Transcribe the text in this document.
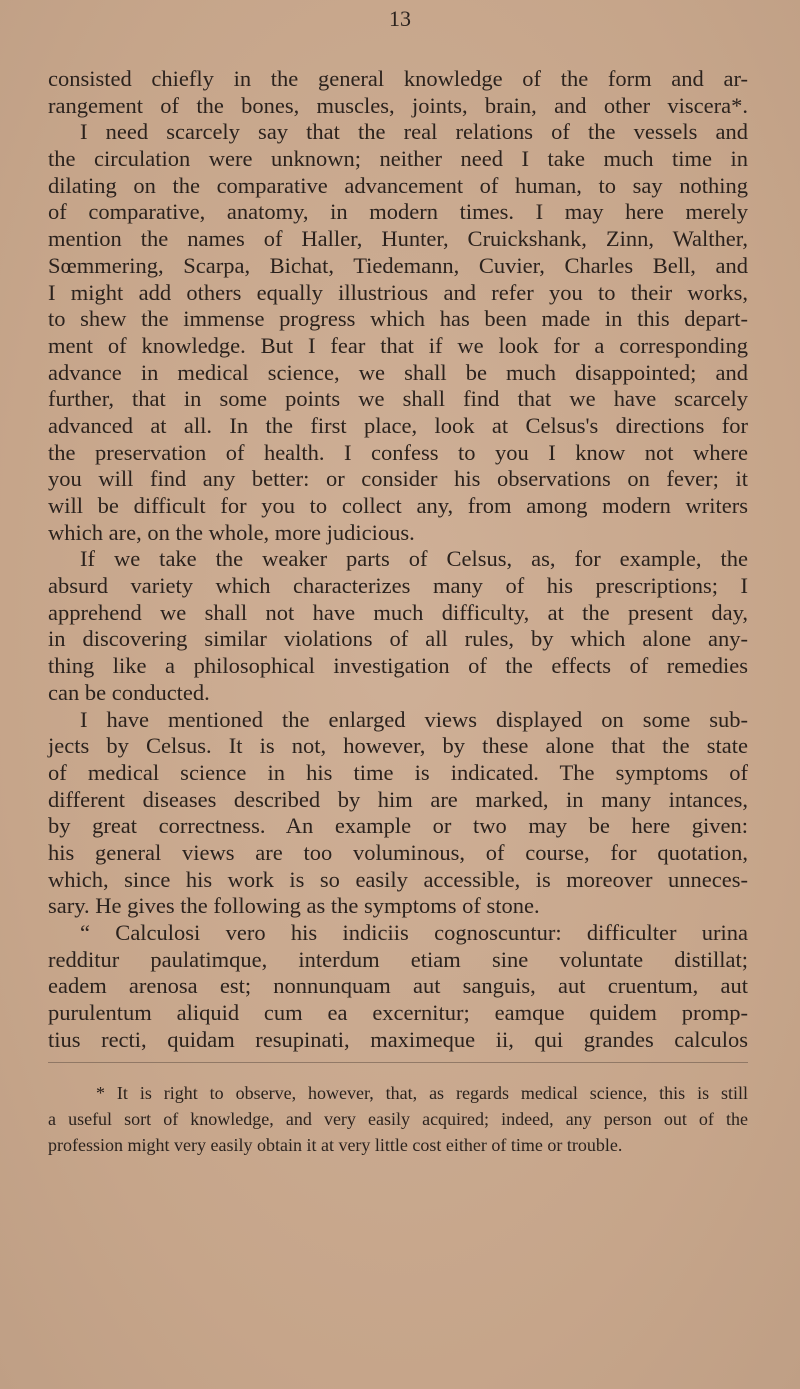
13
consisted chiefly in the general knowledge of the form and ar-
rangement of the bones, muscles, joints, brain, and other viscera*.
I need scarcely say that the real relations of the vessels and
the circulation were unknown; neither need I take much time in
dilating on the comparative advancement of human, to say nothing
of comparative, anatomy, in modern times. I may here merely
mention the names of Haller, Hunter, Cruickshank, Zinn, Walther,
Sœmmering, Scarpa, Bichat, Tiedemann, Cuvier, Charles Bell, and
I might add others equally illustrious and refer you to their works,
to shew the immense progress which has been made in this depart-
ment of knowledge. But I fear that if we look for a corresponding
advance in medical science, we shall be much disappointed; and
further, that in some points we shall find that we have scarcely
advanced at all. In the first place, look at Celsus's directions for
the preservation of health. I confess to you I know not where
you will find any better: or consider his observations on fever; it
will be difficult for you to collect any, from among modern writers
which are, on the whole, more judicious.
If we take the weaker parts of Celsus, as, for example, the
absurd variety which characterizes many of his prescriptions; I
apprehend we shall not have much difficulty, at the present day,
in discovering similar violations of all rules, by which alone any-
thing like a philosophical investigation of the effects of remedies
can be conducted.
I have mentioned the enlarged views displayed on some sub-
jects by Celsus. It is not, however, by these alone that the state
of medical science in his time is indicated. The symptoms of
different diseases described by him are marked, in many intances,
by great correctness. An example or two may be here given:
his general views are too voluminous, of course, for quotation,
which, since his work is so easily accessible, is moreover unneces-
sary. He gives the following as the symptoms of stone.
“ Calculosi vero his indiciis cognoscuntur: difficulter urina
redditur paulatimque, interdum etiam sine voluntate distillat;
eadem arenosa est; nonnunquam aut sanguis, aut cruentum, aut
purulentum aliquid cum ea excernitur; eamque quidem promp-
tius recti, quidam resupinati, maximeque ii, qui grandes calculos
* It is right to observe, however, that, as regards medical science, this is still
a useful sort of knowledge, and very easily acquired; indeed, any person out of the
profession might very easily obtain it at very little cost either of time or trouble.
